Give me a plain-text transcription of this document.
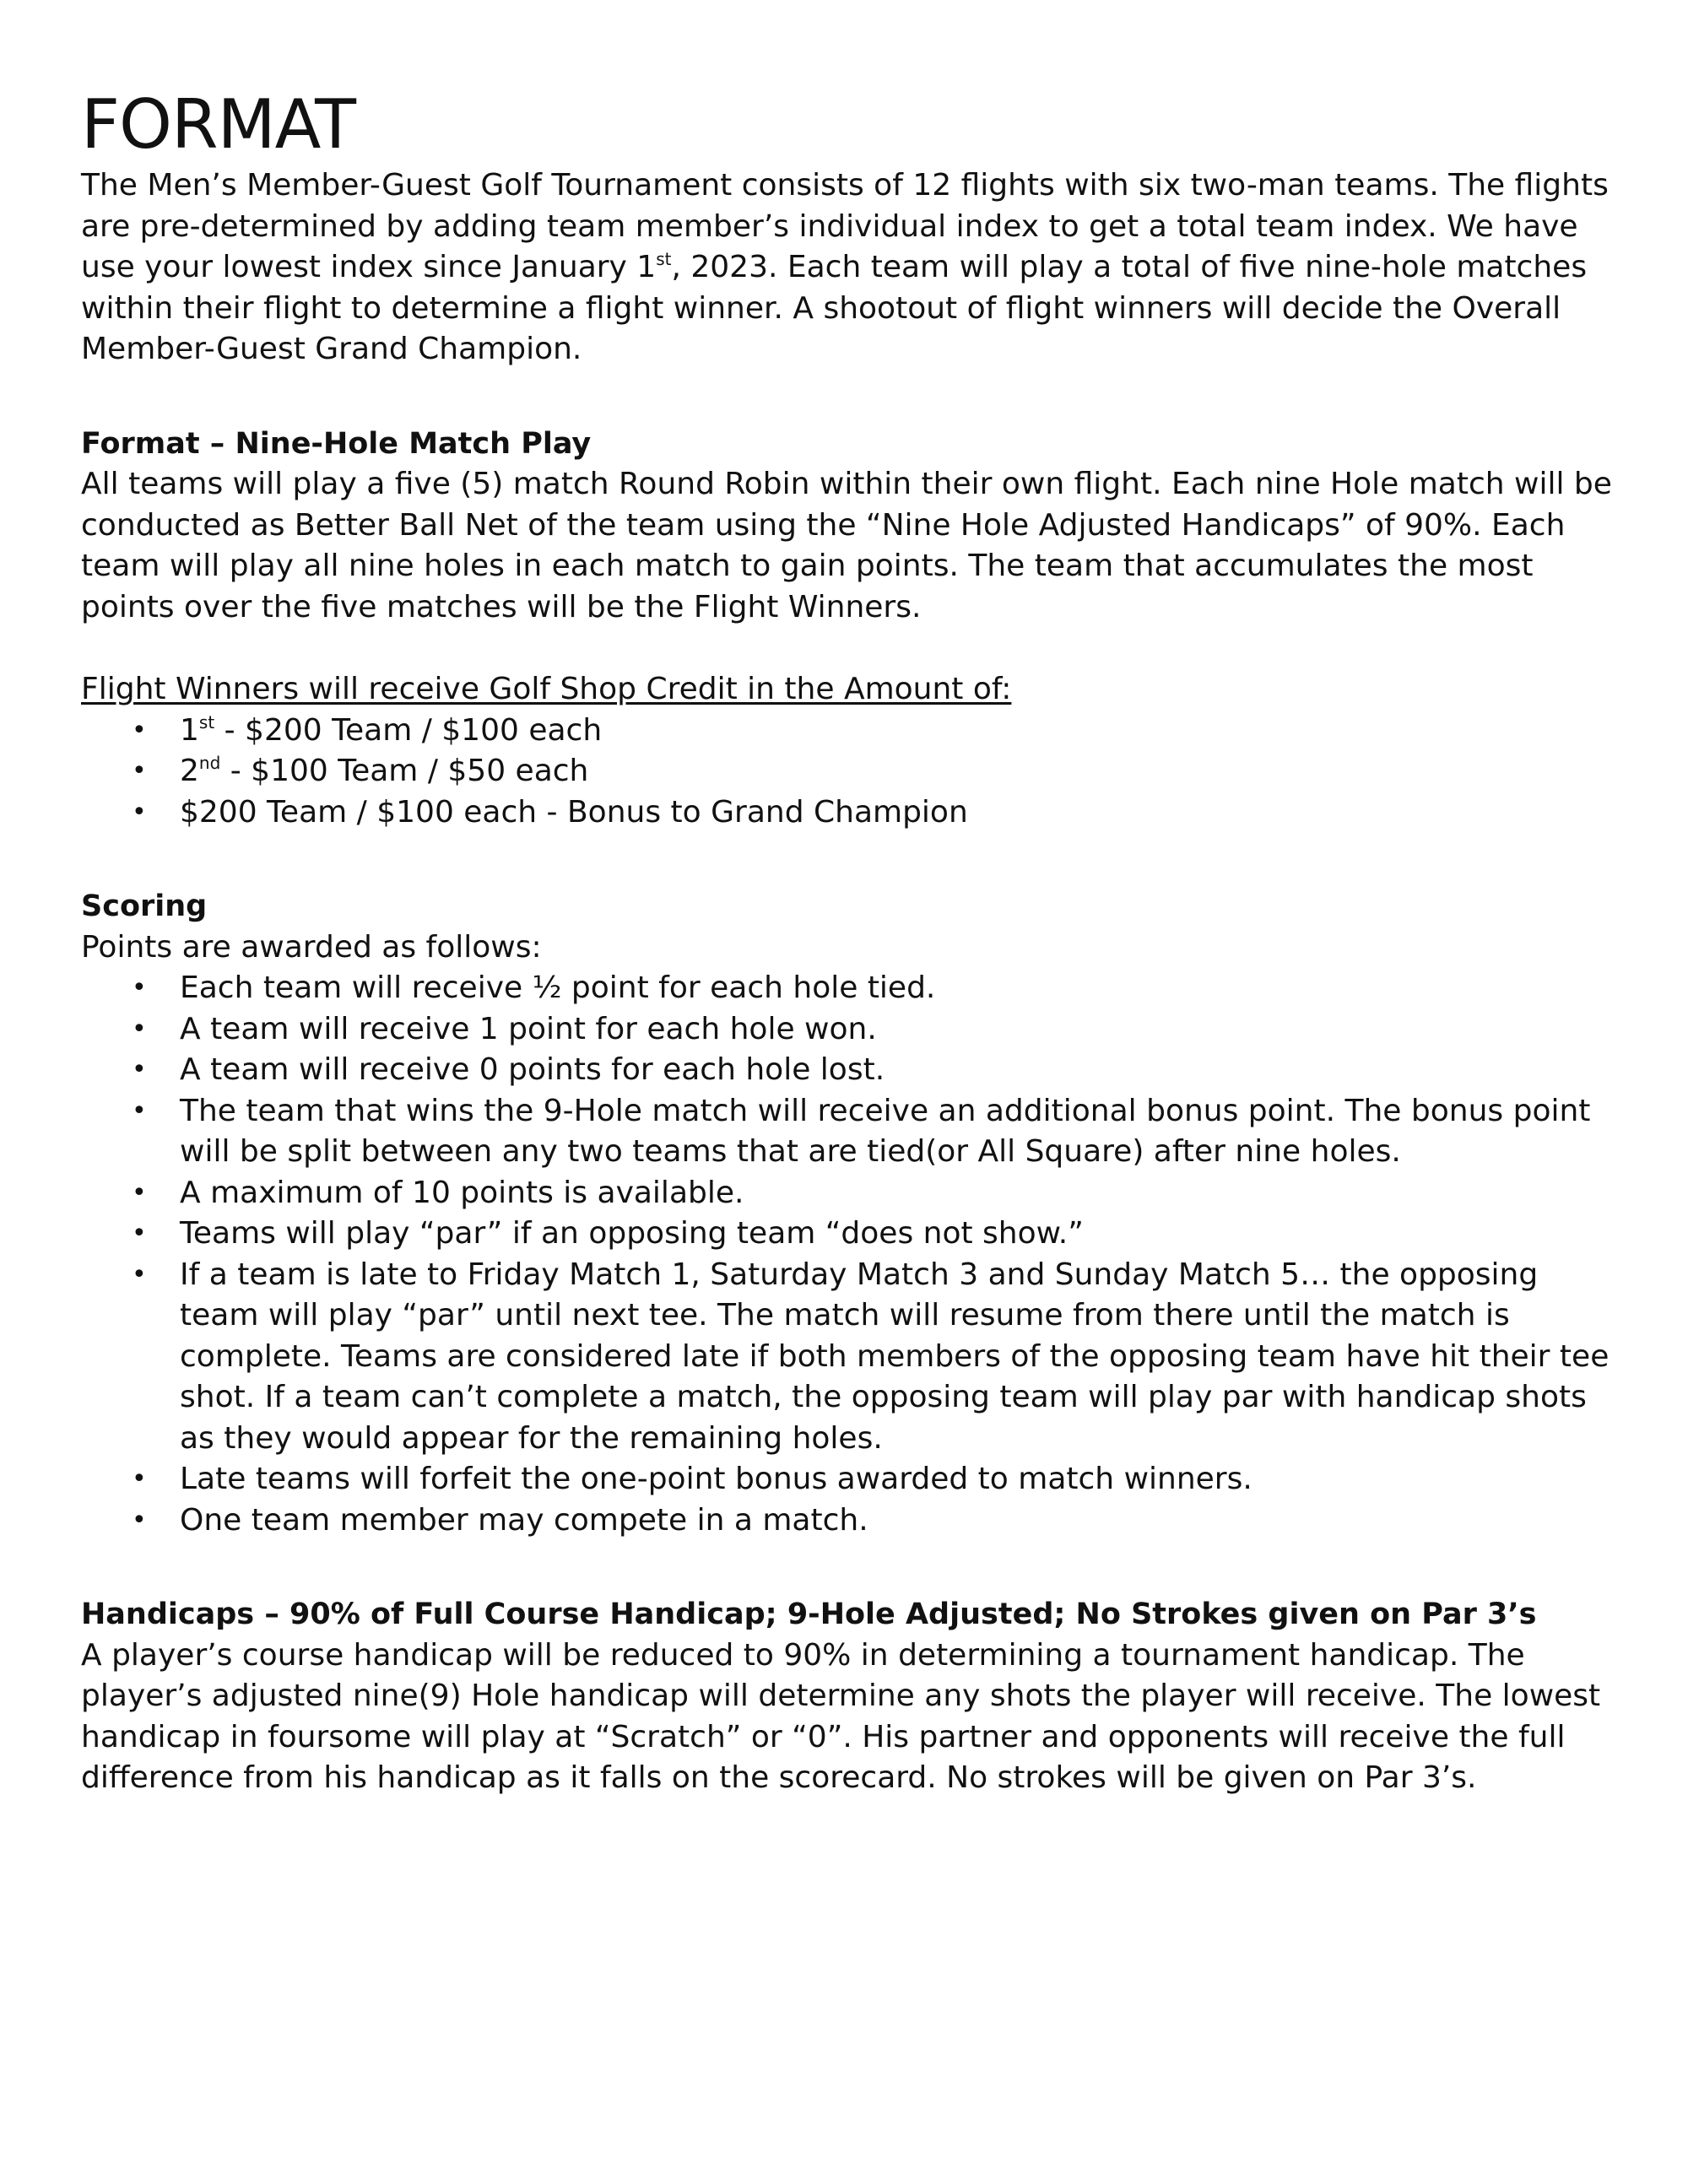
FORMAT

The Men’s Member-Guest Golf Tournament consists of 12 flights with six two-man teams. The flights are pre-determined by adding team member’s individual index to get a total team index. We have use your lowest index since January 1st, 2023. Each team will play a total of five nine-hole matches within their flight to determine a flight winner. A shootout of flight winners will decide the Overall Member-Guest Grand Champion.

Format – Nine-Hole Match Play

All teams will play a five (5) match Round Robin within their own flight. Each nine Hole match will be conducted as Better Ball Net of the team using the “Nine Hole Adjusted Handicaps” of 90%. Each team will play all nine holes in each match to gain points. The team that accumulates the most points over the five matches will be the Flight Winners.

Flight Winners will receive Golf Shop Credit in the Amount of:

• 1st - $200 Team / $100 each
• 2nd - $100 Team / $50 each
• $200 Team / $100 each - Bonus to Grand Champion
Scoring

Points are awarded as follows:

• Each team will receive ½ point for each hole tied.
• A team will receive 1 point for each hole won.
• A team will receive 0 points for each hole lost.
• The team that wins the 9-Hole match will receive an additional bonus point. The bonus point will be split between any two teams that are tied(or All Square) after nine holes.
• A maximum of 10 points is available.
• Teams will play “par” if an opposing team “does not show.”
• If a team is late to Friday Match 1, Saturday Match 3 and Sunday Match 5… the opposing team will play “par” until next tee. The match will resume from there until the match is complete. Teams are considered late if both members of the opposing team have hit their tee shot. If a team can’t complete a match, the opposing team will play par with handicap shots as they would appear for the remaining holes.
• Late teams will forfeit the one-point bonus awarded to match winners.
• One team member may compete in a match.
Handicaps – 90% of Full Course Handicap; 9-Hole Adjusted; No Strokes given on Par 3’s

A player’s course handicap will be reduced to 90% in determining a tournament handicap. The player’s adjusted nine(9) Hole handicap will determine any shots the player will receive. The lowest handicap in foursome will play at “Scratch” or “0”. His partner and opponents will receive the full difference from his handicap as it falls on the scorecard. No strokes will be given on Par 3’s.
